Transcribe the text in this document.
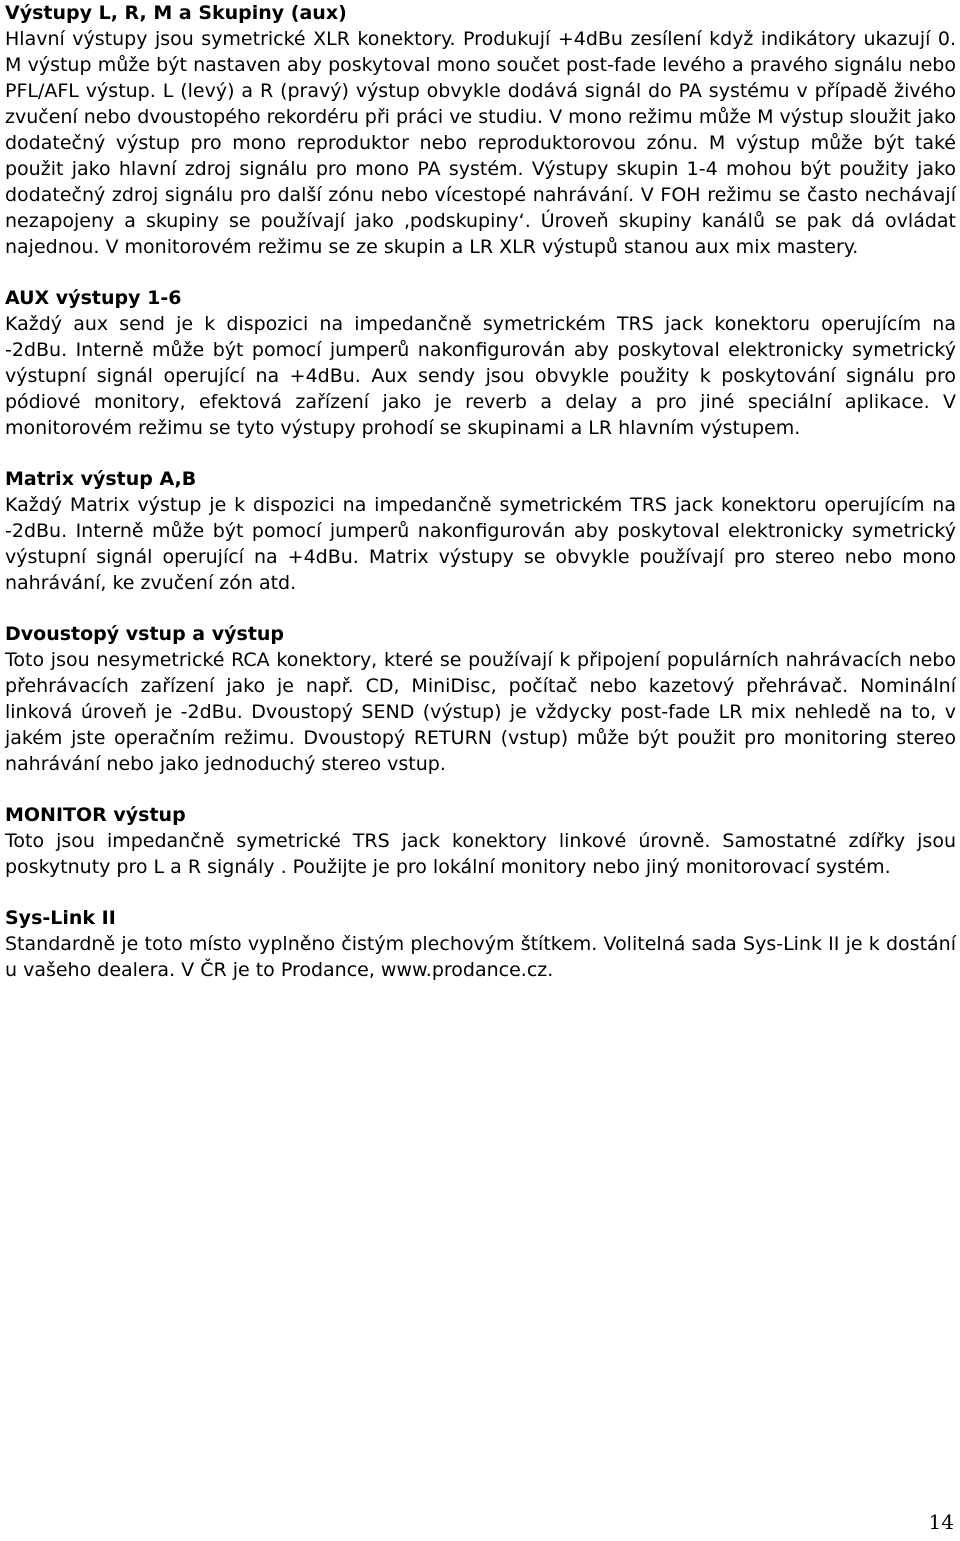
Výstupy L, R, M a Skupiny (aux)

Hlavní výstupy jsou symetrické XLR konektory. Produkují +4dBu zesílení když indikátory ukazují 0. M výstup může být nastaven aby poskytoval mono součet post-fade levého a pravého signálu nebo PFL/AFL výstup. L (levý) a R (pravý) výstup obvykle dodává signál do PA systému v případě živého zvučení nebo dvoustopého rekordéru při práci ve studiu. V mono režimu může M výstup sloužit jako dodatečný výstup pro mono reproduktor nebo reproduktorovou zónu. M výstup může být také použit jako hlavní zdroj signálu pro mono PA systém. Výstupy skupin 1-4 mohou být použity jako dodatečný zdroj signálu pro další zónu nebo vícestopé nahrávání. V FOH režimu se často nechávají nezapojeny a skupiny se používají jako ‚podskupiny‘. Úroveň skupiny kanálů se pak dá ovládat najednou. V monitorovém režimu se ze skupin a LR XLR výstupů stanou aux mix mastery.

AUX výstupy 1-6

Každý aux send je k dispozici na impedančně symetrickém TRS jack konektoru operujícím na -2dBu. Interně může být pomocí jumperů nakonfigurován aby poskytoval elektronicky symetrický výstupní signál operující na +4dBu. Aux sendy jsou obvykle použity k poskytování signálu pro pódiové monitory, efektová zařízení jako je reverb a delay a pro jiné speciální aplikace. V monitorovém režimu se tyto výstupy prohodí se skupinami a LR hlavním výstupem.

Matrix výstup A,B

Každý Matrix výstup je k dispozici na impedančně symetrickém TRS jack konektoru operujícím na -2dBu. Interně může být pomocí jumperů nakonfigurován aby poskytoval elektronicky symetrický výstupní signál operující na +4dBu. Matrix výstupy se obvykle používají pro stereo nebo mono nahrávání, ke zvučení zón atd.

Dvoustopý vstup a výstup

Toto jsou nesymetrické RCA konektory, které se používají k připojení populárních nahrávacích nebo přehrávacích zařízení jako je např. CD, MiniDisc, počítač nebo kazetový přehrávač. Nominální linková úroveň je -2dBu. Dvoustopý SEND (výstup) je vždycky post-fade LR mix nehledě na to, v jakém jste operačním režimu. Dvoustopý RETURN (vstup) může být použit pro monitoring stereo nahrávání nebo jako jednoduchý stereo vstup.

MONITOR výstup

Toto jsou impedančně symetrické TRS jack konektory linkové úrovně. Samostatné zdířky jsou poskytnuty pro L a R signály . Použijte je pro lokální monitory nebo jiný monitorovací systém.

Sys-Link II

Standardně je toto místo vyplněno čistým plechovým štítkem. Volitelná sada Sys-Link II je k dostání u vašeho dealera. V ČR je to Prodance, www.prodance.cz.

14
